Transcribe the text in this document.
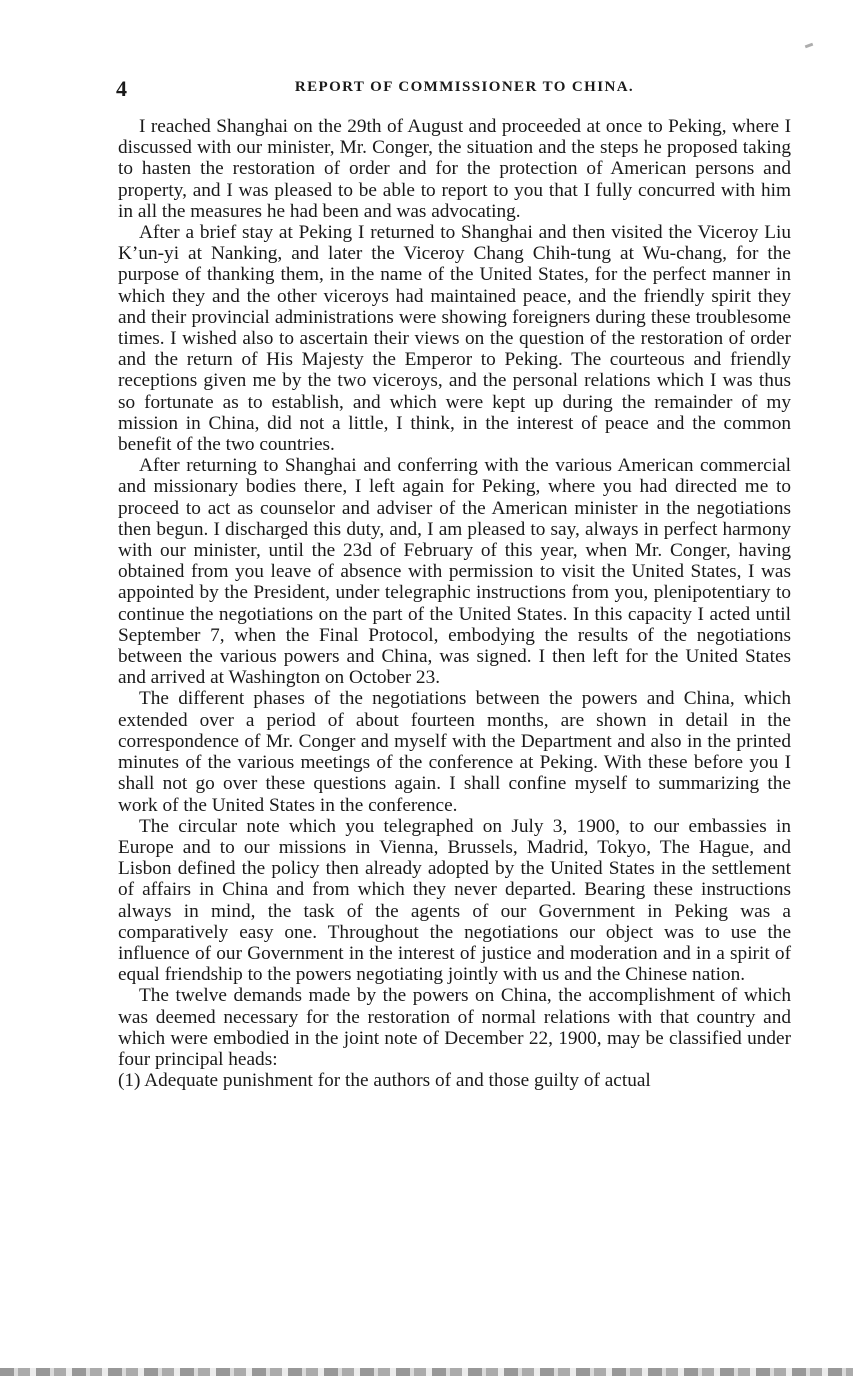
4	REPORT OF COMMISSIONER TO CHINA.

I reached Shanghai on the 29th of August and proceeded at once to Peking, where I discussed with our minister, Mr. Conger, the situation and the steps he proposed taking to hasten the restoration of order and for the protection of American persons and property, and I was pleased to be able to report to you that I fully concurred with him in all the measures he had been and was advocating.

After a brief stay at Peking I returned to Shanghai and then visited the Viceroy Liu K’un-yi at Nanking, and later the Viceroy Chang Chih-tung at Wu-chang, for the purpose of thanking them, in the name of the United States, for the perfect manner in which they and the other viceroys had maintained peace, and the friendly spirit they and their provincial administrations were showing foreigners during these troublesome times. I wished also to ascertain their views on the question of the restoration of order and the return of His Majesty the Emperor to Peking. The courteous and friendly receptions given me by the two viceroys, and the personal relations which I was thus so fortunate as to establish, and which were kept up during the remainder of my mission in China, did not a little, I think, in the interest of peace and the common benefit of the two countries.

After returning to Shanghai and conferring with the various American commercial and missionary bodies there, I left again for Peking, where you had directed me to proceed to act as counselor and adviser of the American minister in the negotiations then begun. I discharged this duty, and, I am pleased to say, always in perfect harmony with our minister, until the 23d of February of this year, when Mr. Conger, having obtained from you leave of absence with permission to visit the United States, I was appointed by the President, under telegraphic instructions from you, plenipotentiary to continue the negotiations on the part of the United States. In this capacity I acted until September 7, when the Final Protocol, embodying the results of the negotiations between the various powers and China, was signed. I then left for the United States and arrived at Washington on October 23.

The different phases of the negotiations between the powers and China, which extended over a period of about fourteen months, are shown in detail in the correspondence of Mr. Conger and myself with the Department and also in the printed minutes of the various meetings of the conference at Peking. With these before you I shall not go over these questions again. I shall confine myself to summarizing the work of the United States in the conference.

The circular note which you telegraphed on July 3, 1900, to our embassies in Europe and to our missions in Vienna, Brussels, Madrid, Tokyo, The Hague, and Lisbon defined the policy then already adopted by the United States in the settlement of affairs in China and from which they never departed. Bearing these instructions always in mind, the task of the agents of our Government in Peking was a comparatively easy one. Throughout the negotiations our object was to use the influence of our Government in the interest of justice and moderation and in a spirit of equal friendship to the powers negotiating jointly with us and the Chinese nation.

The twelve demands made by the powers on China, the accomplishment of which was deemed necessary for the restoration of normal relations with that country and which were embodied in the joint note of December 22, 1900, may be classified under four principal heads:

(1) Adequate punishment for the authors of and those guilty of actual
